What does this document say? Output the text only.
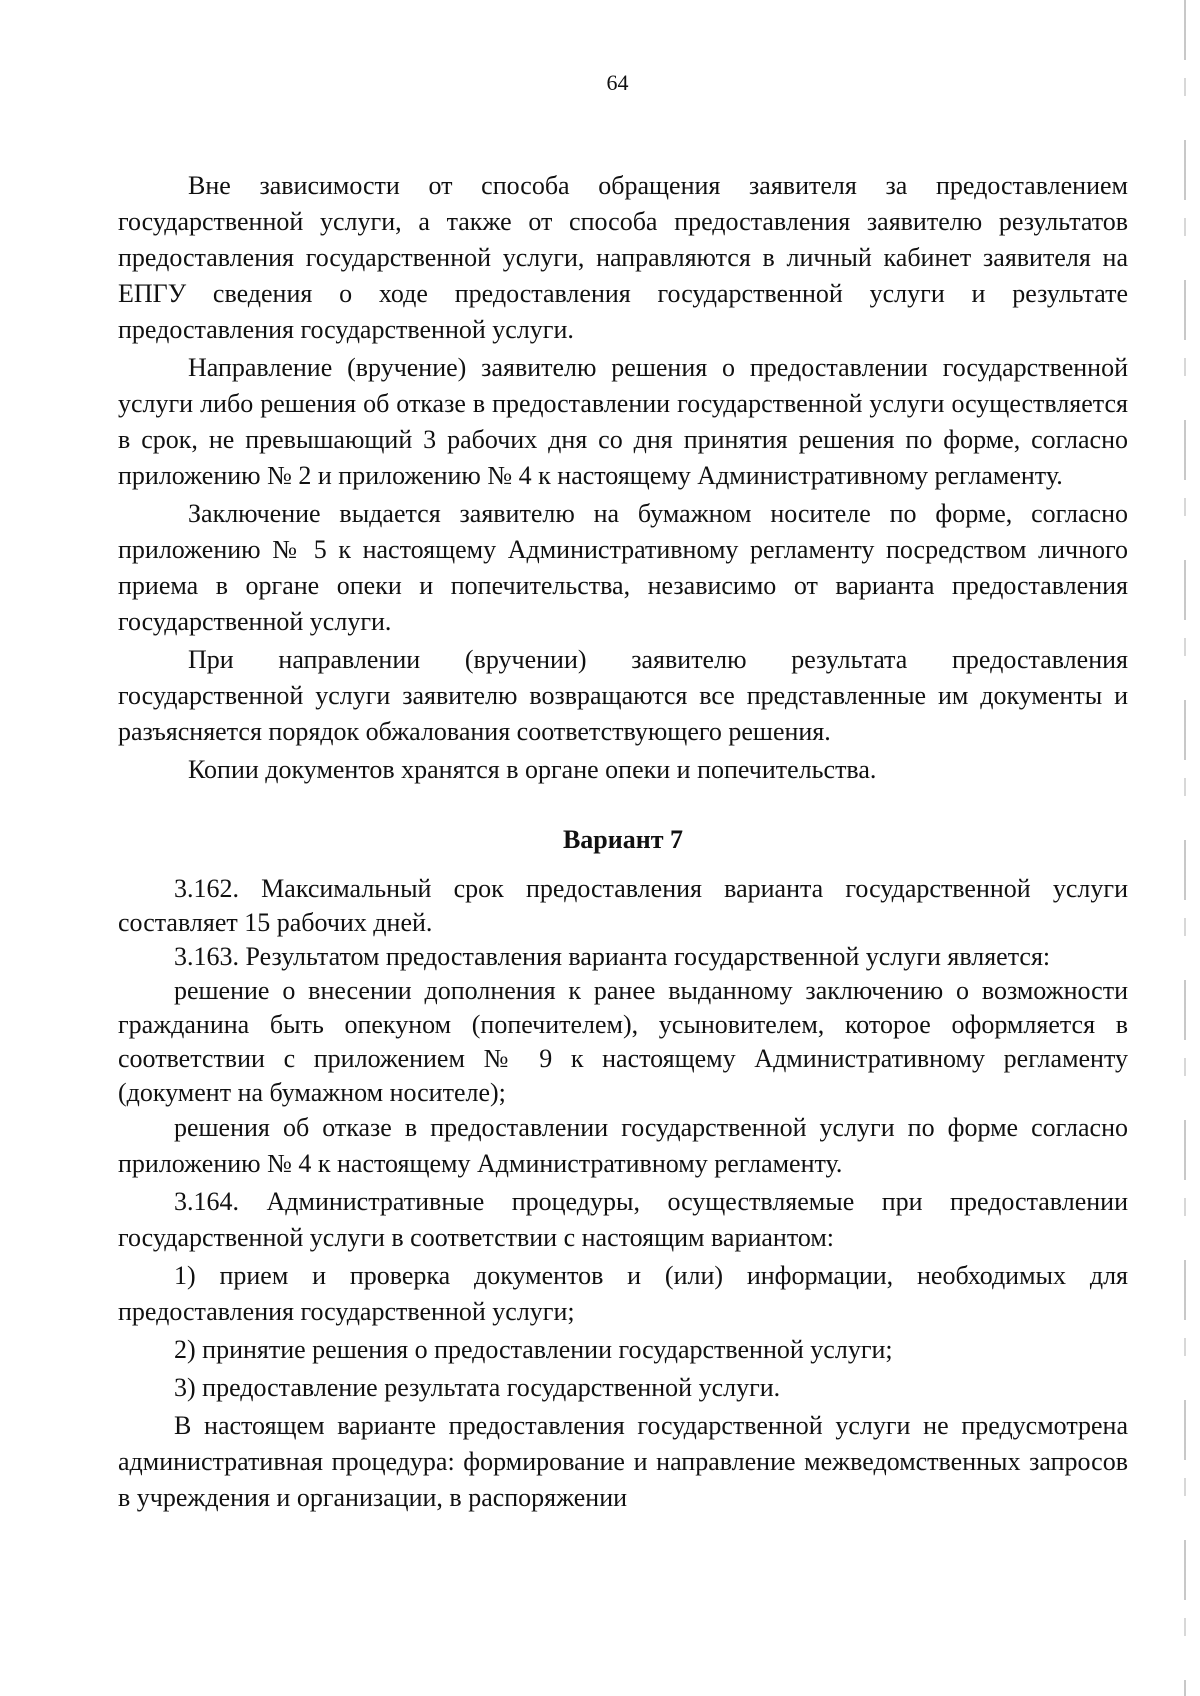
64

Вне зависимости от способа обращения заявителя за предоставлением государственной услуги, а также от способа предоставления заявителю результатов предоставления государственной услуги, направляются в личный кабинет заявителя на ЕПГУ сведения о ходе предоставления государственной услуги и результате предоставления государственной услуги.

Направление (вручение) заявителю решения о предоставлении государственной услуги либо решения об отказе в предоставлении государственной услуги осуществляется в срок, не превышающий 3 рабочих дня со дня принятия решения по форме, согласно приложению № 2 и приложению № 4 к настоящему Административному регламенту.

Заключение выдается заявителю на бумажном носителе по форме, согласно приложению № 5 к настоящему Административному регламенту посредством личного приема в органе опеки и попечительства, независимо от варианта предоставления государственной услуги.

При направлении (вручении) заявителю результата предоставления государственной услуги заявителю возвращаются все представленные им документы и разъясняется порядок обжалования соответствующего решения.

Копии документов хранятся в органе опеки и попечительства.

Вариант 7

3.162. Максимальный срок предоставления варианта государственной услуги составляет 15 рабочих дней.

3.163. Результатом предоставления варианта государственной услуги является:

решение о внесении дополнения к ранее выданному заключению о возможности гражданина быть опекуном (попечителем), усыновителем, которое оформляется в соответствии с приложением № 9 к настоящему Административному регламенту (документ на бумажном носителе);

решения об отказе в предоставлении государственной услуги по форме согласно приложению № 4 к настоящему Административному регламенту.

3.164. Административные процедуры, осуществляемые при предоставлении государственной услуги в соответствии с настоящим вариантом:

1) прием и проверка документов и (или) информации, необходимых для предоставления государственной услуги;

2) принятие решения о предоставлении государственной услуги;

3) предоставление результата государственной услуги.

В настоящем варианте предоставления государственной услуги не предусмотрена административная процедура: формирование и направление межведомственных запросов в учреждения и организации, в распоряжении
